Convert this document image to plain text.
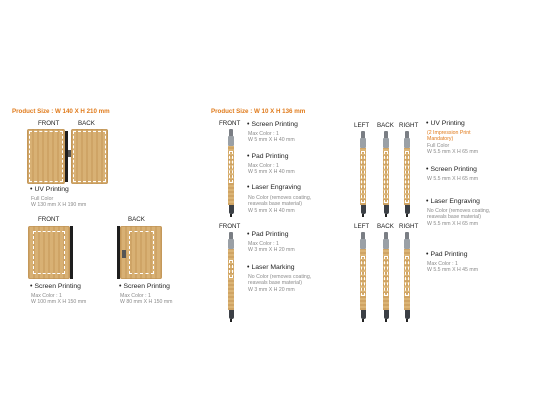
Product Size : W 140 X H 210 mm
FRONT	BACK
• UV Printing
Full Color
W 130 mm X H 190 mm
FRONT	BACK
• Screen Printing
Max Color : 1
W 100 mm X H 150 mm
• Screen Printing
Max Color : 1
W 80 mm X H 150 mm
Product Size : W 10 X H 136 mm
FRONT • Screen Printing
Max Color : 1
W 5 mm X H 40 mm
• Pad Printing
Max Color : 1
W 5 mm X H 40 mm
• Laser Engraving
No Color (removes coating,
reaveals base material)
W 5 mm X H 40 mm
FRONT
• Pad Printing
Max Color : 1
W 3 mm X H 20 mm
• Laser Marking
No Color (removes coating,
reaveals base material)
W 3 mm X H 20 mm
LEFT BACK RIGHT • UV Printing
(2 Impression Print
Mandatory)
Full Color
W 5.5 mm X H 65 mm
• Screen Printing
W 5.5 mm X H 65 mm
• Laser Engraving
No Color (removes coating,
reaveals base material)
W 5.5 mm X H 65 mm
LEFT BACK RIGHT
• Pad Printing
Max Color : 1
W 5.5 mm X H 45 mm
